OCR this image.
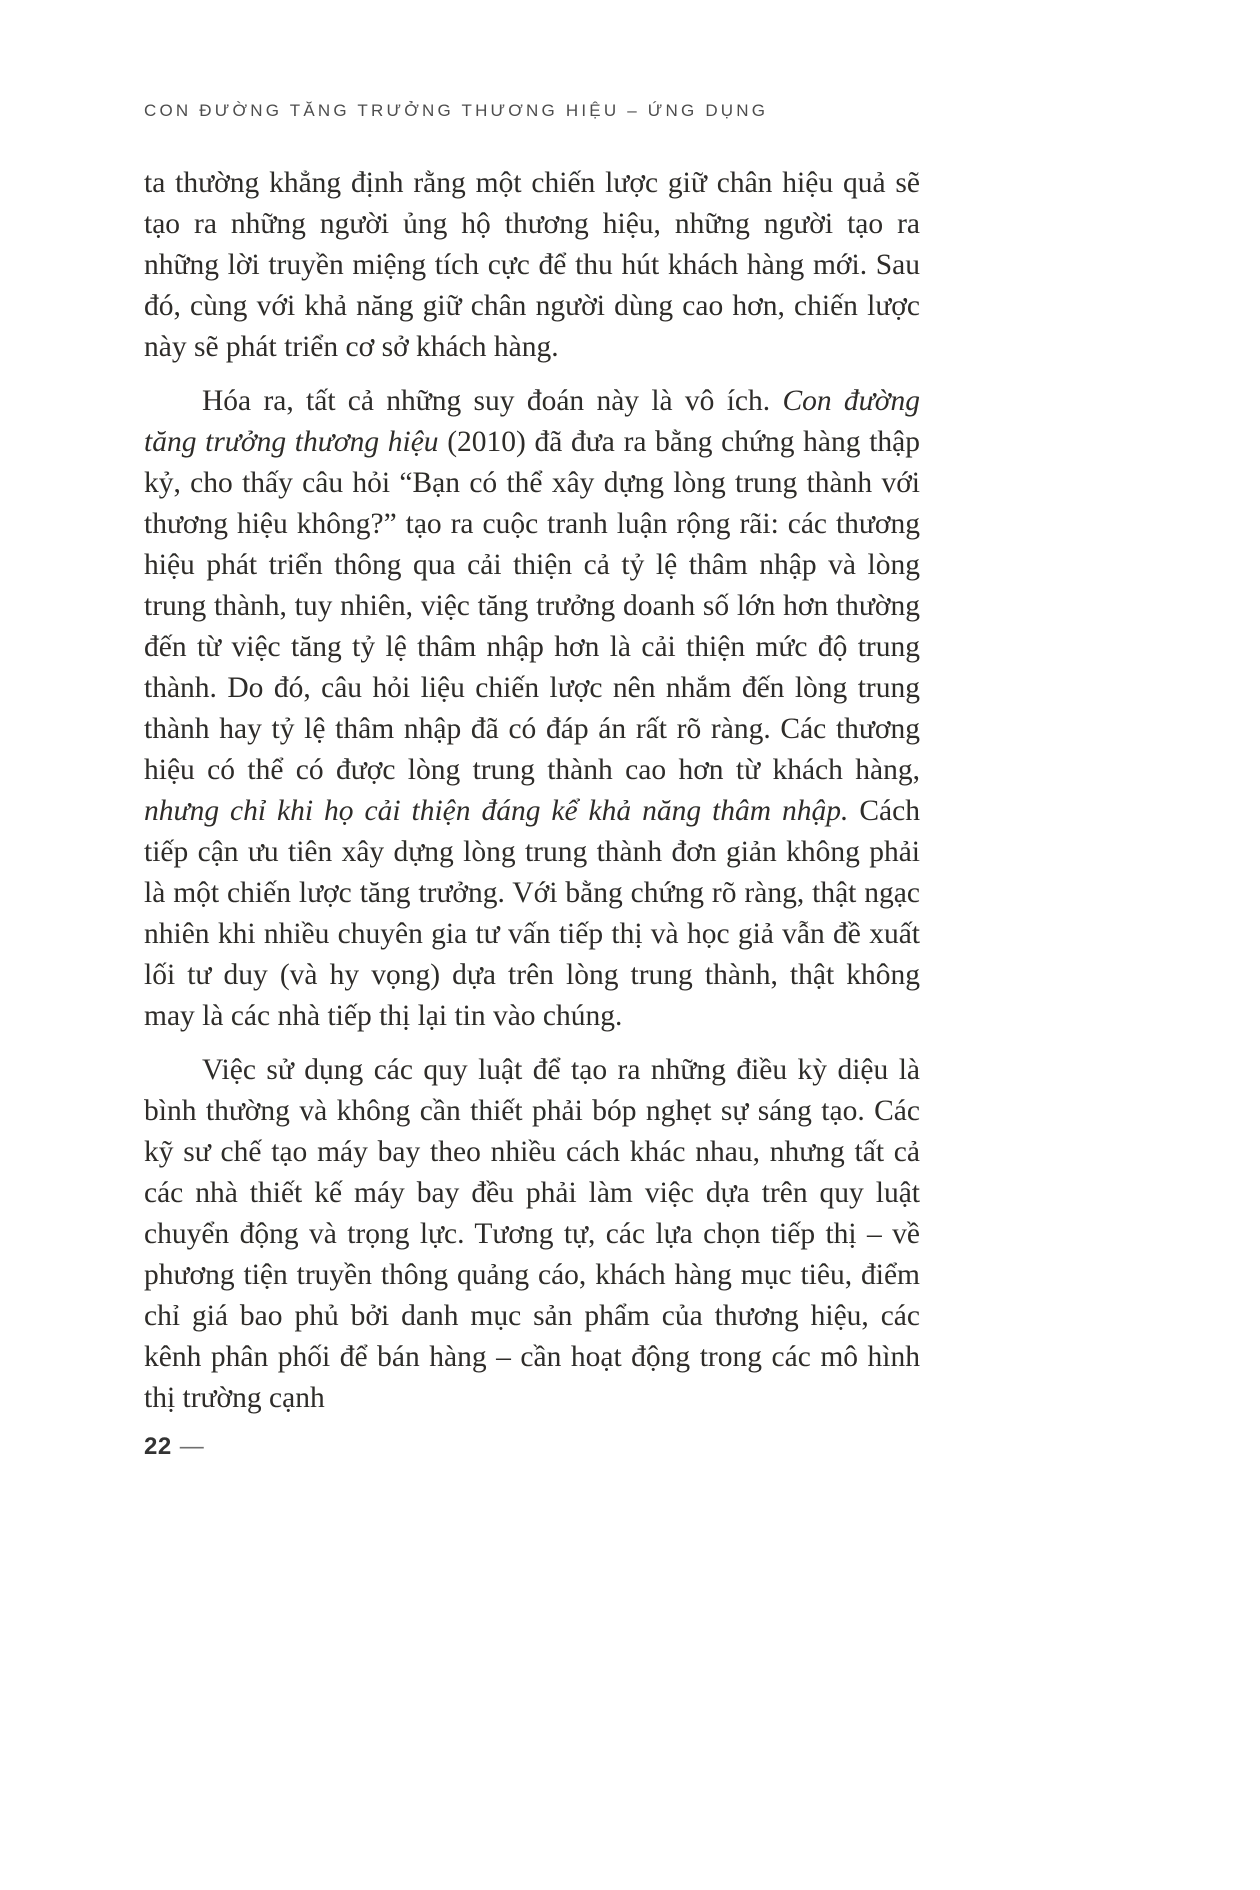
CON ĐƯỜNG TĂNG TRƯỞNG THƯƠNG HIỆU – ỨNG DỤNG

ta thường khẳng định rằng một chiến lược giữ chân hiệu quả sẽ tạo ra những người ủng hộ thương hiệu, những người tạo ra những lời truyền miệng tích cực để thu hút khách hàng mới. Sau đó, cùng với khả năng giữ chân người dùng cao hơn, chiến lược này sẽ phát triển cơ sở khách hàng.

Hóa ra, tất cả những suy đoán này là vô ích. Con đường tăng trưởng thương hiệu (2010) đã đưa ra bằng chứng hàng thập kỷ, cho thấy câu hỏi “Bạn có thể xây dựng lòng trung thành với thương hiệu không?” tạo ra cuộc tranh luận rộng rãi: các thương hiệu phát triển thông qua cải thiện cả tỷ lệ thâm nhập và lòng trung thành, tuy nhiên, việc tăng trưởng doanh số lớn hơn thường đến từ việc tăng tỷ lệ thâm nhập hơn là cải thiện mức độ trung thành. Do đó, câu hỏi liệu chiến lược nên nhắm đến lòng trung thành hay tỷ lệ thâm nhập đã có đáp án rất rõ ràng. Các thương hiệu có thể có được lòng trung thành cao hơn từ khách hàng, nhưng chỉ khi họ cải thiện đáng kể khả năng thâm nhập. Cách tiếp cận ưu tiên xây dựng lòng trung thành đơn giản không phải là một chiến lược tăng trưởng. Với bằng chứng rõ ràng, thật ngạc nhiên khi nhiều chuyên gia tư vấn tiếp thị và học giả vẫn đề xuất lối tư duy (và hy vọng) dựa trên lòng trung thành, thật không may là các nhà tiếp thị lại tin vào chúng.

Việc sử dụng các quy luật để tạo ra những điều kỳ diệu là bình thường và không cần thiết phải bóp nghẹt sự sáng tạo. Các kỹ sư chế tạo máy bay theo nhiều cách khác nhau, nhưng tất cả các nhà thiết kế máy bay đều phải làm việc dựa trên quy luật chuyển động và trọng lực. Tương tự, các lựa chọn tiếp thị – về phương tiện truyền thông quảng cáo, khách hàng mục tiêu, điểm chỉ giá bao phủ bởi danh mục sản phẩm của thương hiệu, các kênh phân phối để bán hàng – cần hoạt động trong các mô hình thị trường cạnh

22 —
